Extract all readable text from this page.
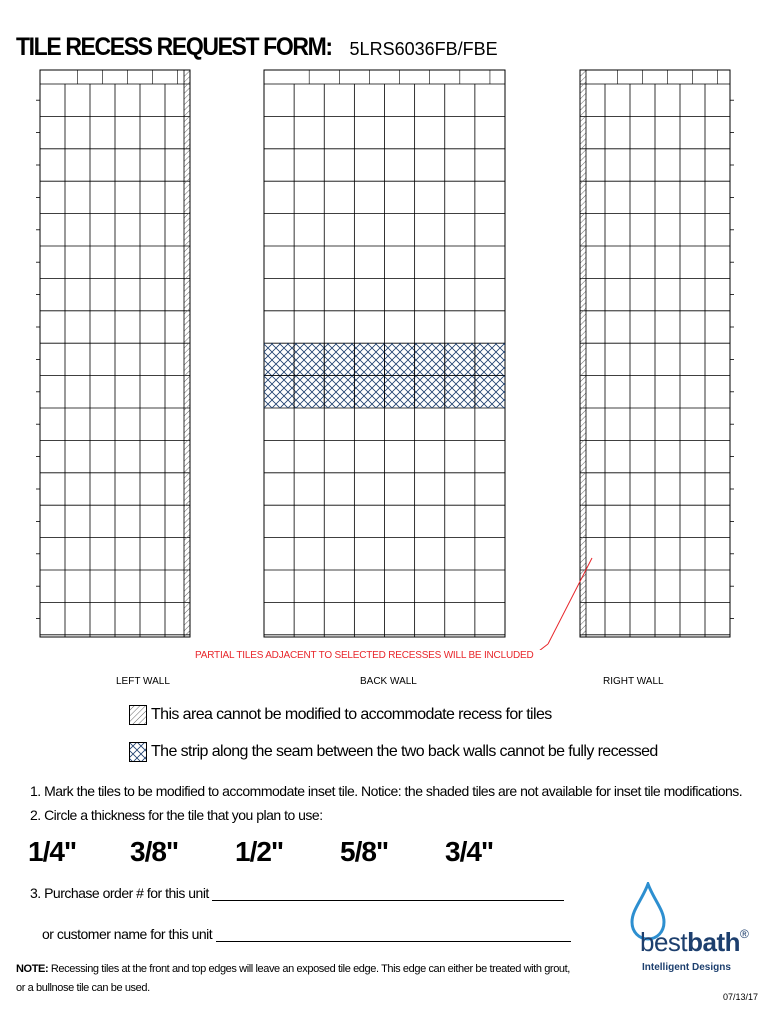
TILE RECESS REQUEST FORM: 5LRS6036FB/FBE
PARTIAL TILES ADJACENT TO SELECTED RECESSES WILL BE INCLUDED
LEFT WALL	BACK WALL	RIGHT WALL
This area cannot be modified to accommodate recess for tiles
The strip along the seam between the two back walls cannot be fully recessed
1. Mark the tiles to be modified to accommodate inset tile. Notice: the shaded tiles are not available for inset tile modifications.
2. Circle a thickness for the tile that you plan to use:
1/4" 3/8" 1/2" 5/8" 3/4"
3. Purchase order # for this unit
or customer name for this unit
NOTE: Recessing tiles at the front and top edges will leave an exposed tile edge. This edge can either be treated with grout, or a bullnose tile can be used.
bestbath®
Intelligent Designs
07/13/17
